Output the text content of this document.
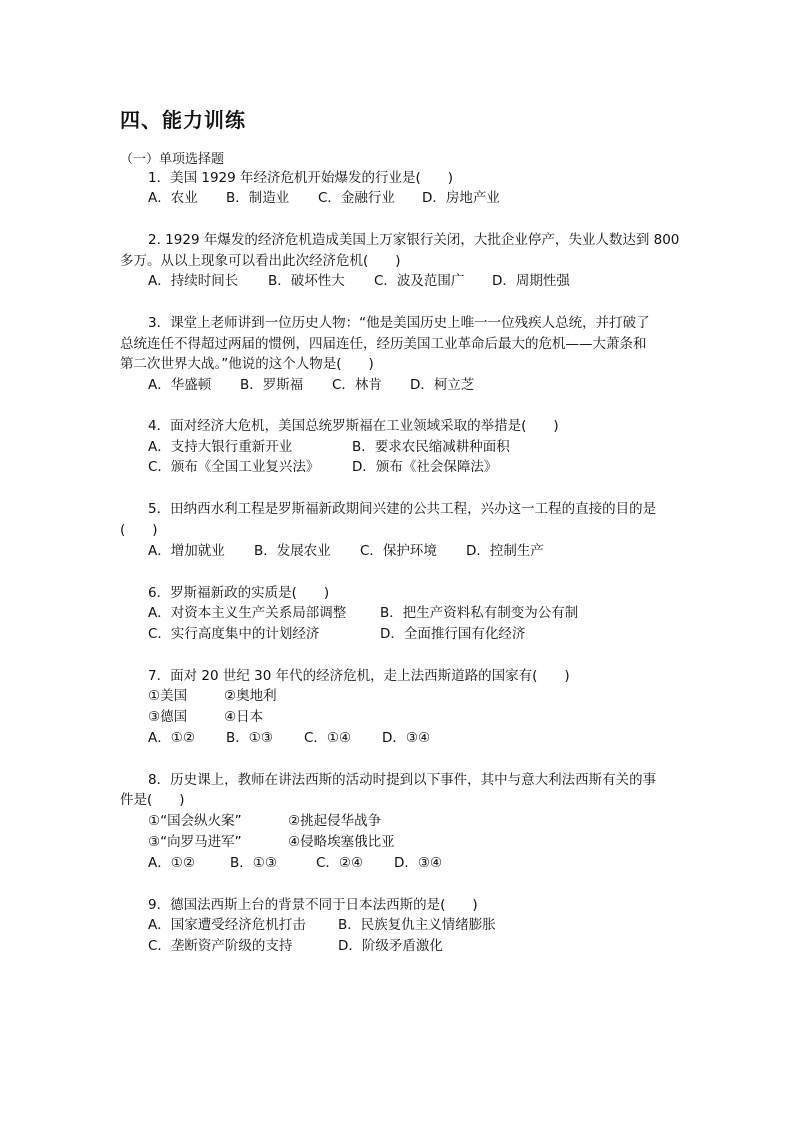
四、能力训练
（一）单项选择题
1．美国 1929 年经济危机开始爆发的行业是(　　)
A．农业 B．制造业 C．金融行业 D．房地产业
2. 1929 年爆发的经济危机造成美国上万家银行关闭，大批企业停产，失业人数达到 800
多万。从以上现象可以看出此次经济危机(　　)
A．持续时间长 B．破坏性大 C．波及范围广 D．周期性强
3．课堂上老师讲到一位历史人物：“他是美国历史上唯一一位残疾人总统，并打破了
总统连任不得超过两届的惯例，四届连任，经历美国工业革命后最大的危机——大萧条和
第二次世界大战。”他说的这个人物是(　　)
A．华盛顿 B．罗斯福 C．林肯 D．柯立芝
4．面对经济大危机，美国总统罗斯福在工业领域采取的举措是(　　)
A．支持大银行重新开业	B．要求农民缩减耕种面积
C．颁布《全国工业复兴法》 D．颁布《社会保障法》
5．田纳西水利工程是罗斯福新政期间兴建的公共工程，兴办这一工程的直接的目的是
(　　)
A．增加就业 B．发展农业 C．保护环境 D．控制生产
6．罗斯福新政的实质是(　　)
A．对资本主义生产关系局部调整	B．把生产资料私有制变为公有制
C．实行高度集中的计划经济	D．全面推行国有化经济
7．面对 20 世纪 30 年代的经济危机，走上法西斯道路的国家有(　　)
①美国	②奥地利
③德国	④日本
A．①② B．①③ C．①④ D．③④
8．历史课上，教师在讲法西斯的活动时提到以下事件，其中与意大利法西斯有关的事
件是(　　)
①“国会纵火案”	②挑起侵华战争
③“向罗马进军”	④侵略埃塞俄比亚
A．①②	B．①③	C．②④ D．③④
9．德国法西斯上台的背景不同于日本法西斯的是(　　)
A．国家遭受经济危机打击 B．民族复仇主义情绪膨胀
C．垄断资产阶级的支持	D．阶级矛盾激化
